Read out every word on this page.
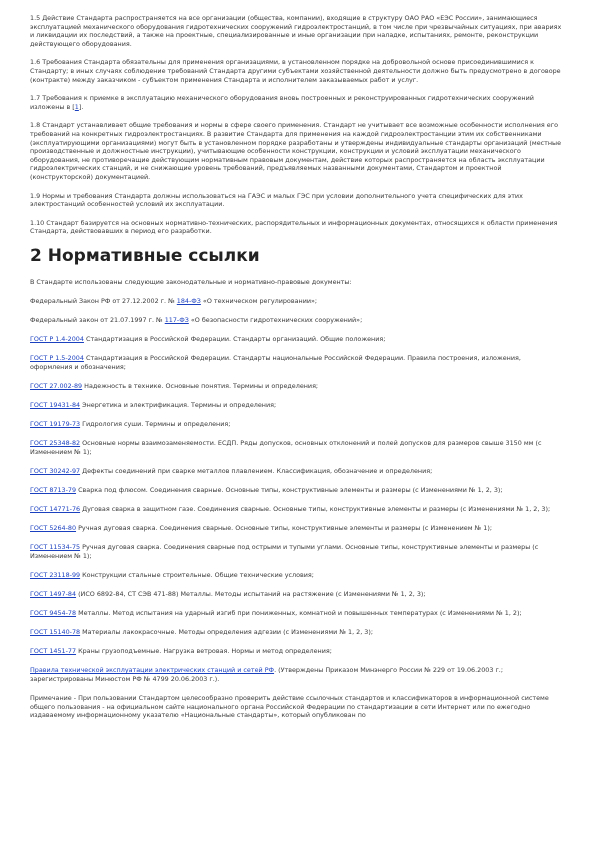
1.5 Действие Стандарта распространяется на все организации (общества, компании), входящие в структуру ОАО РАО «ЕЭС России», занимающиеся эксплуатацией механического оборудования гидротехнических сооружений гидроэлектростанций, в том числе при чрезвычайных ситуациях, при авариях и ликвидации их последствий, а также на проектные, специализированные и иные организации при наладке, испытаниях, ремонте, реконструкции действующего оборудования.

1.6 Требования Стандарта обязательны для применения организациями, в установленном порядке на добровольной основе присоединившимися к Стандарту; в иных случаях соблюдение требований Стандарта другими субъектами хозяйственной деятельности должно быть предусмотрено в договоре (контракте) между заказчиком - субъектом применения Стандарта и исполнителем заказываемых работ и услуг.

1.7 Требования к приемке в эксплуатацию механического оборудования вновь построенных и реконструированных гидротехнических сооружений изложены в [1].

1.8 Стандарт устанавливает общие требования и нормы в сфере своего применения. Стандарт не учитывает все возможные особенности исполнения его требований на конкретных гидроэлектростанциях. В развитие Стандарта для применения на каждой гидроэлектростанции этим их собственниками (эксплуатирующими организациями) могут быть в установленном порядке разработаны и утверждены индивидуальные стандарты организаций (местные производственные и должностные инструкции), учитывающие особенности конструкции, конструкции и условий эксплуатации механического оборудования, не противоречащие действующим нормативным правовым документам, действие которых распространяется на область эксплуатации гидроэлектрических станций, и не снижающие уровень требований, предъявляемых названными документами, Стандартом и проектной (конструкторской) документацией.

1.9 Нормы и требования Стандарта должны использоваться на ГАЭС и малых ГЭС при условии дополнительного учета специфических для этих электростанций особенностей условий их эксплуатации.

1.10 Стандарт базируется на основных нормативно-технических, распорядительных и информационных документах, относящихся к области применения Стандарта, действовавших в период его разработки.

2 Нормативные ссылки

В Стандарте использованы следующие законодательные и нормативно-правовые документы:

Федеральный Закон РФ от 27.12.2002 г. № 184-ФЗ «О техническом регулировании»;

Федеральный закон от 21.07.1997 г. № 117-ФЗ «О безопасности гидротехнических сооружений»;

ГОСТ Р 1.4-2004 Стандартизация в Российской Федерации. Стандарты организаций. Общие положения;

ГОСТ Р 1.5-2004 Стандартизация в Российской Федерации. Стандарты национальные Российской Федерации. Правила построения, изложения, оформления и обозначения;

ГОСТ 27.002-89 Надежность в технике. Основные понятия. Термины и определения;

ГОСТ 19431-84 Энергетика и электрификация. Термины и определения;

ГОСТ 19179-73 Гидрология суши. Термины и определения;

ГОСТ 25348-82 Основные нормы взаимозаменяемости. ЕСДП. Ряды допусков, основных отклонений и полей допусков для размеров свыше 3150 мм (с Изменением № 1);

ГОСТ 30242-97 Дефекты соединений при сварке металлов плавлением. Классификация, обозначение и определения;

ГОСТ 8713-79 Сварка под флюсом. Соединения сварные. Основные типы, конструктивные элементы и размеры (с Изменениями № 1, 2, 3);

ГОСТ 14771-76 Дуговая сварка в защитном газе. Соединения сварные. Основные типы, конструктивные элементы и размеры (с Изменениями № 1, 2, 3);

ГОСТ 5264-80 Ручная дуговая сварка. Соединения сварные. Основные типы, конструктивные элементы и размеры (с Изменением № 1);

ГОСТ 11534-75 Ручная дуговая сварка. Соединения сварные под острыми и тупыми углами. Основные типы, конструктивные элементы и размеры (с Изменением № 1);

ГОСТ 23118-99 Конструкции стальные строительные. Общие технические условия;

ГОСТ 1497-84 (ИСО 6892-84, СТ СЭВ 471-88) Металлы. Методы испытаний на растяжение (с Изменениями № 1, 2, 3);

ГОСТ 9454-78 Металлы. Метод испытания на ударный изгиб при пониженных, комнатной и повышенных температурах (с Изменениями № 1, 2);

ГОСТ 15140-78 Материалы лакокрасочные. Методы определения адгезии (с Изменениями № 1, 2, 3);

ГОСТ 1451-77 Краны грузоподъемные. Нагрузка ветровая. Нормы и метод определения;

Правила технической эксплуатации электрических станций и сетей РФ. (Утверждены Приказом Минэнерго России № 229 от 19.06.2003 г.; зарегистрированы Минюстом РФ № 4799 20.06.2003 г.).

Примечание - При пользовании Стандартом целесообразно проверить действие ссылочных стандартов и классификаторов в информационной системе общего пользования - на официальном сайте национального органа Российской Федерации по стандартизации в сети Интернет или по ежегодно издаваемому информационному указателю «Национальные стандарты», который опубликован по
